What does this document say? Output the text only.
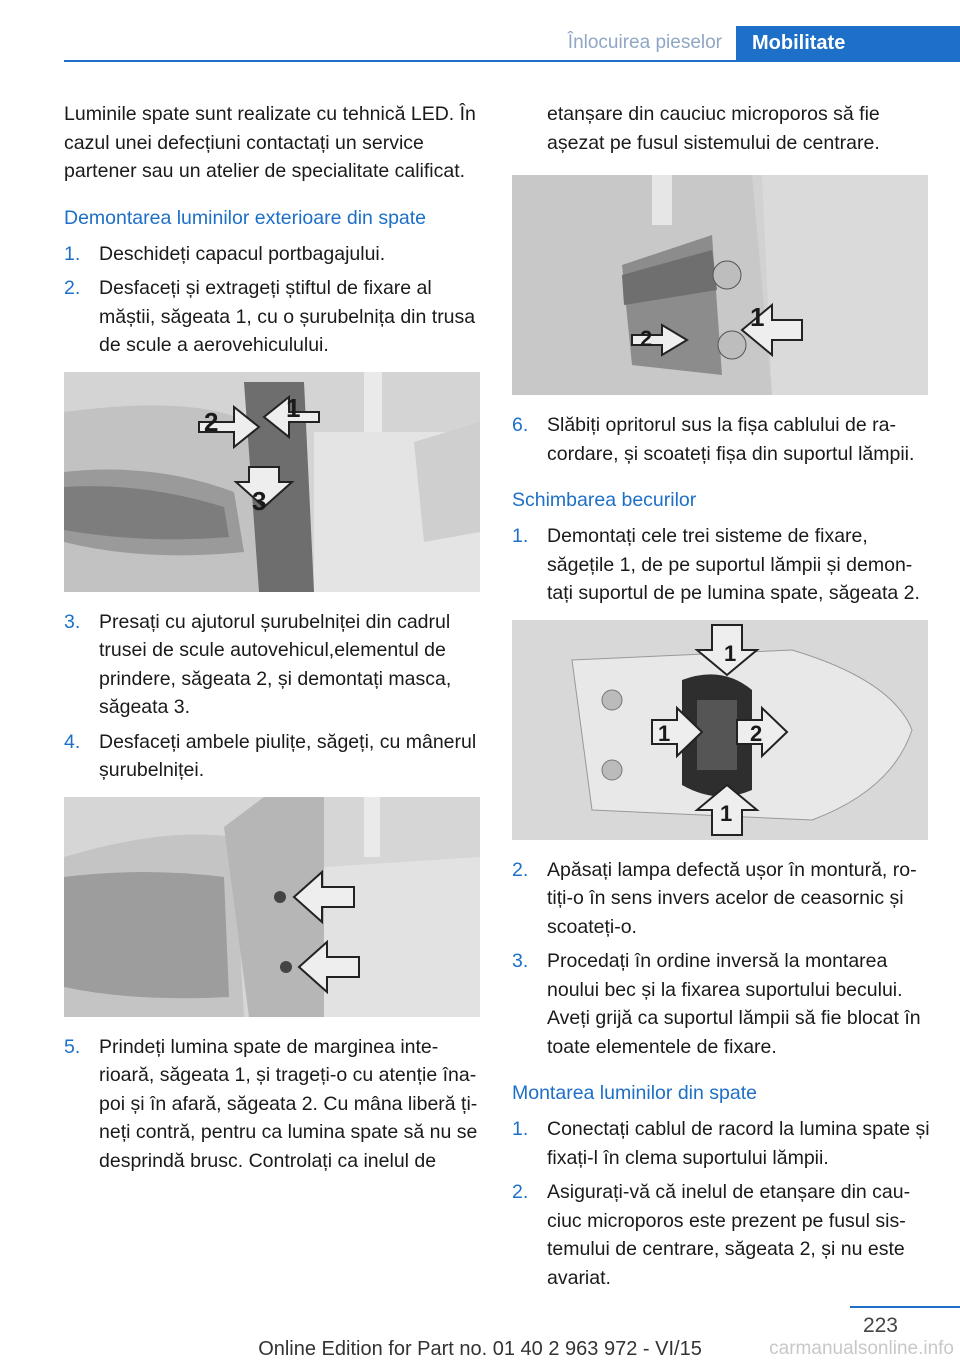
Înlocuirea pieselor	Mobilitate

Luminile spate sunt realizate cu tehnică LED. În cazul unei defecțiuni contactați un service partener sau un atelier de specialitate calificat.

Demontarea luminilor exterioare din spate
1. Deschideți capacul portbagajului.
2. Desfaceți și extrageți știftul de fixare al măștii, săgeata 1, cu o șurubelnița din trusa de scule a aerovehiculului.
2	1
3
3. Presați cu ajutorul șurubelniței din cadrul trusei de scule autovehicul,elementul de prindere, săgeata 2, și demontați masca, săgeata 3.
4. Desfaceți ambele piulițe, săgeți, cu mânerul șurubelniței.
5. Prindeți lumina spate de marginea interioară, săgeata 1, și trageți-o cu atenție înapoi și în afară, săgeata 2. Cu mâna liberă țineți contră, pentru ca lumina spate să nu se desprindă brusc. Controlați ca inelul de
etanșare din cauciuc microporos să fie așezat pe fusul sistemului de centrare.
1
2
6. Slăbiți opritorul sus la fișa cablului de racordare, și scoateți fișa din suportul lămpii.
Schimbarea becurilor
1. Demontați cele trei sisteme de fixare, săgețile 1, de pe suportul lămpii și demontați suportul de pe lumina spate, săgeata 2.
1
1	2
1
2. Apăsați lampa defectă ușor în montură, rotiți-o în sens invers acelor de ceasornic și scoateți-o.
3. Procedați în ordine inversă la montarea noului bec și la fixarea suportului becului. Aveți grijă ca suportul lămpii să fie blocat în toate elementele de fixare.
Montarea luminilor din spate
1. Conectați cablul de racord la lumina spate și fixați-l în clema suportului lămpii.
2. Asigurați-vă că inelul de etanșare din cauciuc microporos este prezent pe fusul sistemului de centrare, săgeata 2, și nu este avariat.
223
Online Edition for Part no. 01 40 2 963 972 - VI/15	carmanualsonline.info
